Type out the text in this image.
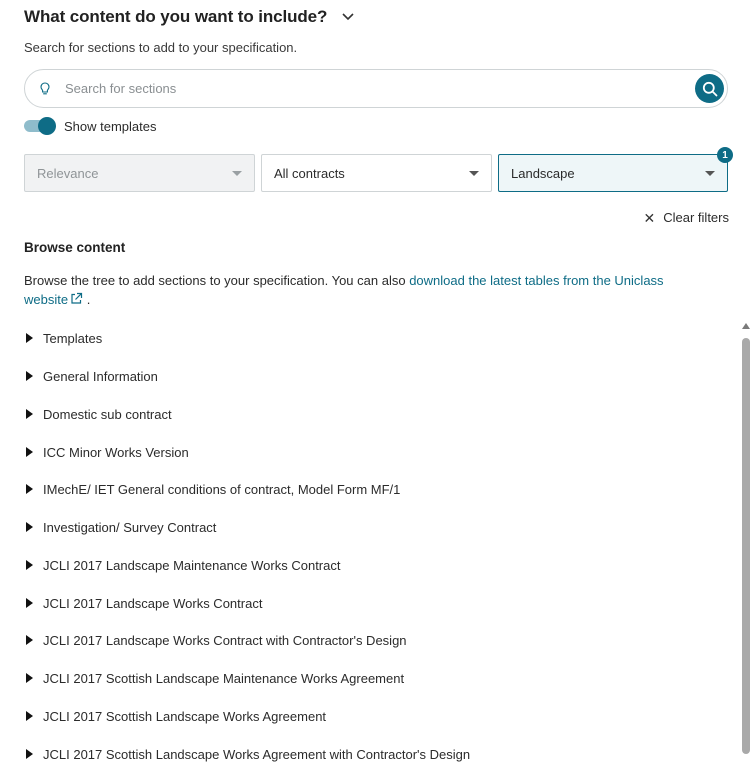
What content do you want to include?

Search for sections to add to your specification.

Search for sections
Show templates
Relevance	All contracts	Landscape
1
✕ Clear filters
Browse content

Browse the tree to add sections to your specification. You can also download the latest tables from the Uniclass website .

Templates
General Information
Domestic sub contract
ICC Minor Works Version
IMechE/ IET General conditions of contract, Model Form MF/1
Investigation/ Survey Contract
JCLI 2017 Landscape Maintenance Works Contract
JCLI 2017 Landscape Works Contract
JCLI 2017 Landscape Works Contract with Contractor's Design
JCLI 2017 Scottish Landscape Maintenance Works Agreement
JCLI 2017 Scottish Landscape Works Agreement
JCLI 2017 Scottish Landscape Works Agreement with Contractor's Design
